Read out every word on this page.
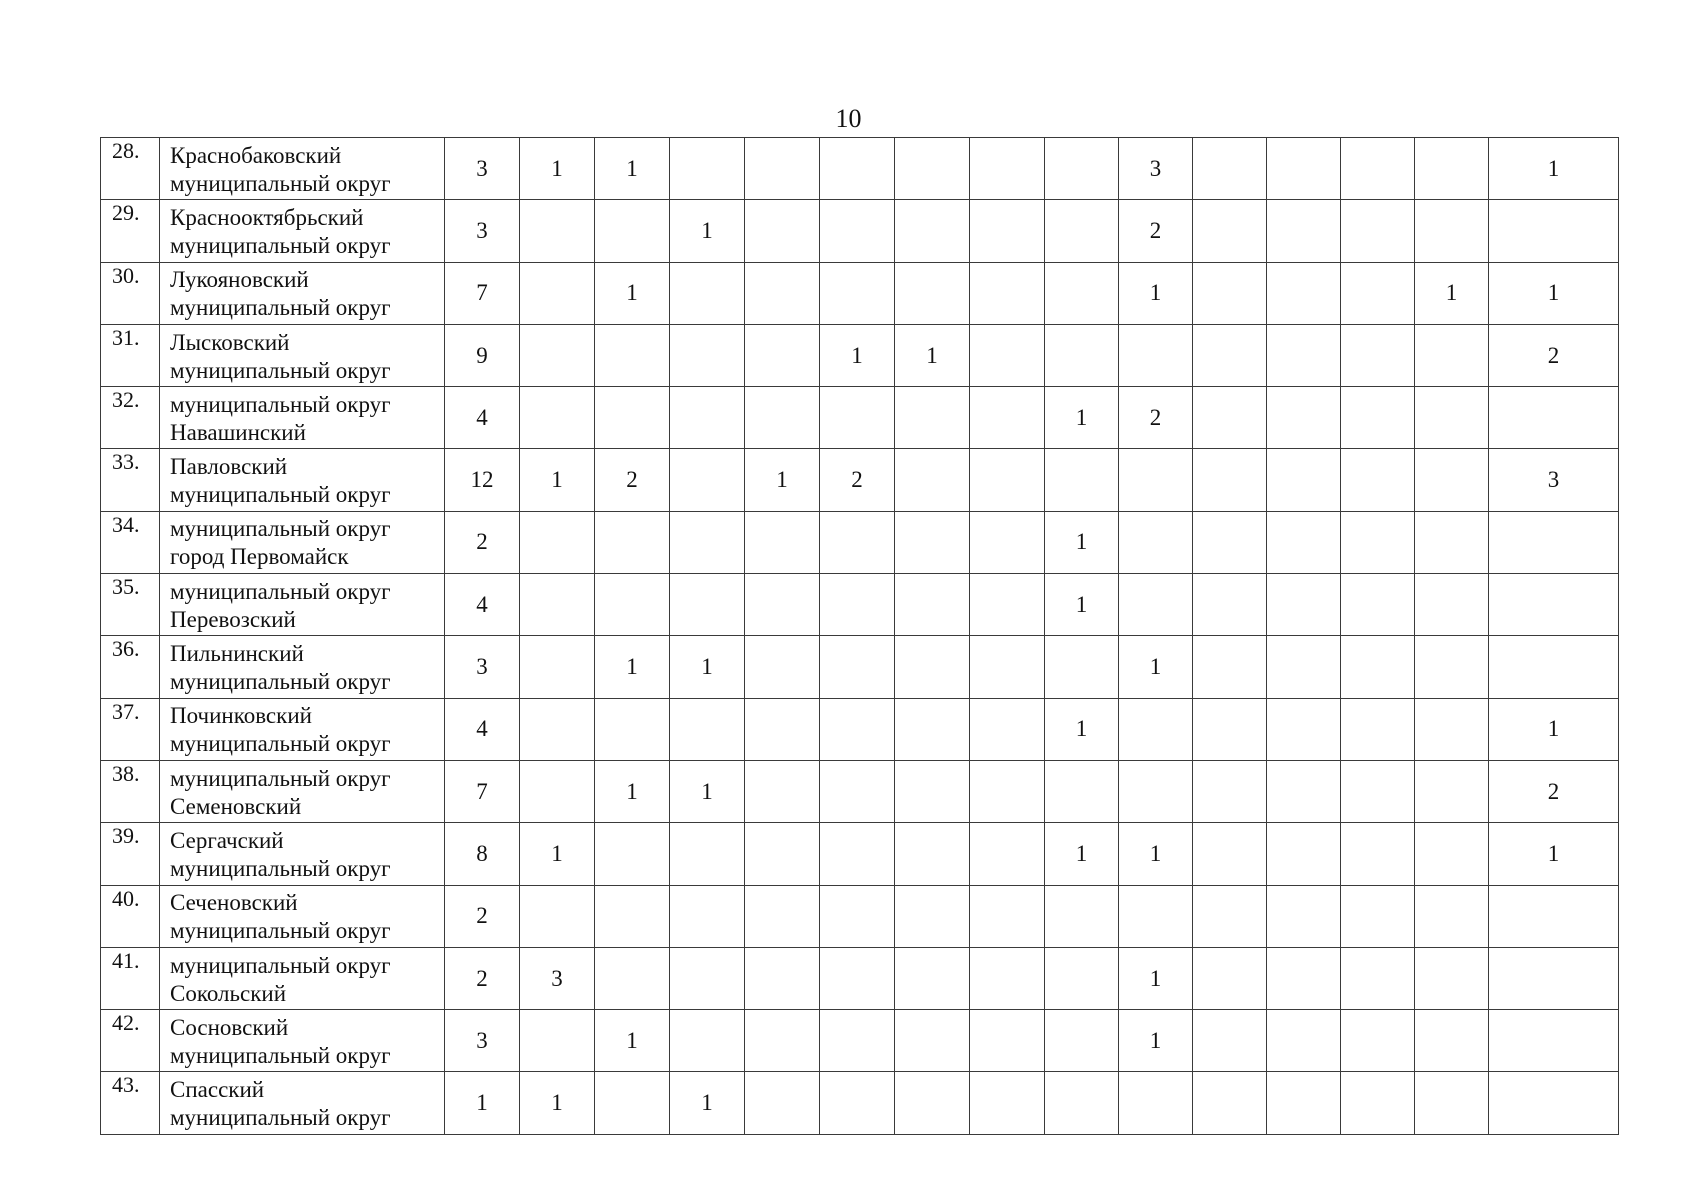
10
28.	Краснобаковский
муниципальный округ	3	1	1							3					1
29.	Краснооктябрьский
муниципальный округ	3			1						2					
30.	Лукояновский
муниципальный округ	7		1							1				1	1
31.	Лысковский
муниципальный округ	9					1	1								2
32.	муниципальный округ
Навашинский	4								1	2					
33.	Павловский
муниципальный округ	12	1	2		1	2									3
34.	муниципальный округ
город Первомайск	2								1						
35.	муниципальный округ
Перевозский	4								1						
36.	Пильнинский
муниципальный округ	3		1	1						1					
37.	Починковский
муниципальный округ	4								1						1
38.	муниципальный округ
Семеновский	7		1	1											2
39.	Сергачский
муниципальный округ	8	1							1	1					1
40.	Сеченовский
муниципальный округ	2														
41.	муниципальный округ
Сокольский	2	3								1					
42.	Сосновский
муниципальный округ	3		1							1					
43.	Спасский
муниципальный округ	1	1		1											
